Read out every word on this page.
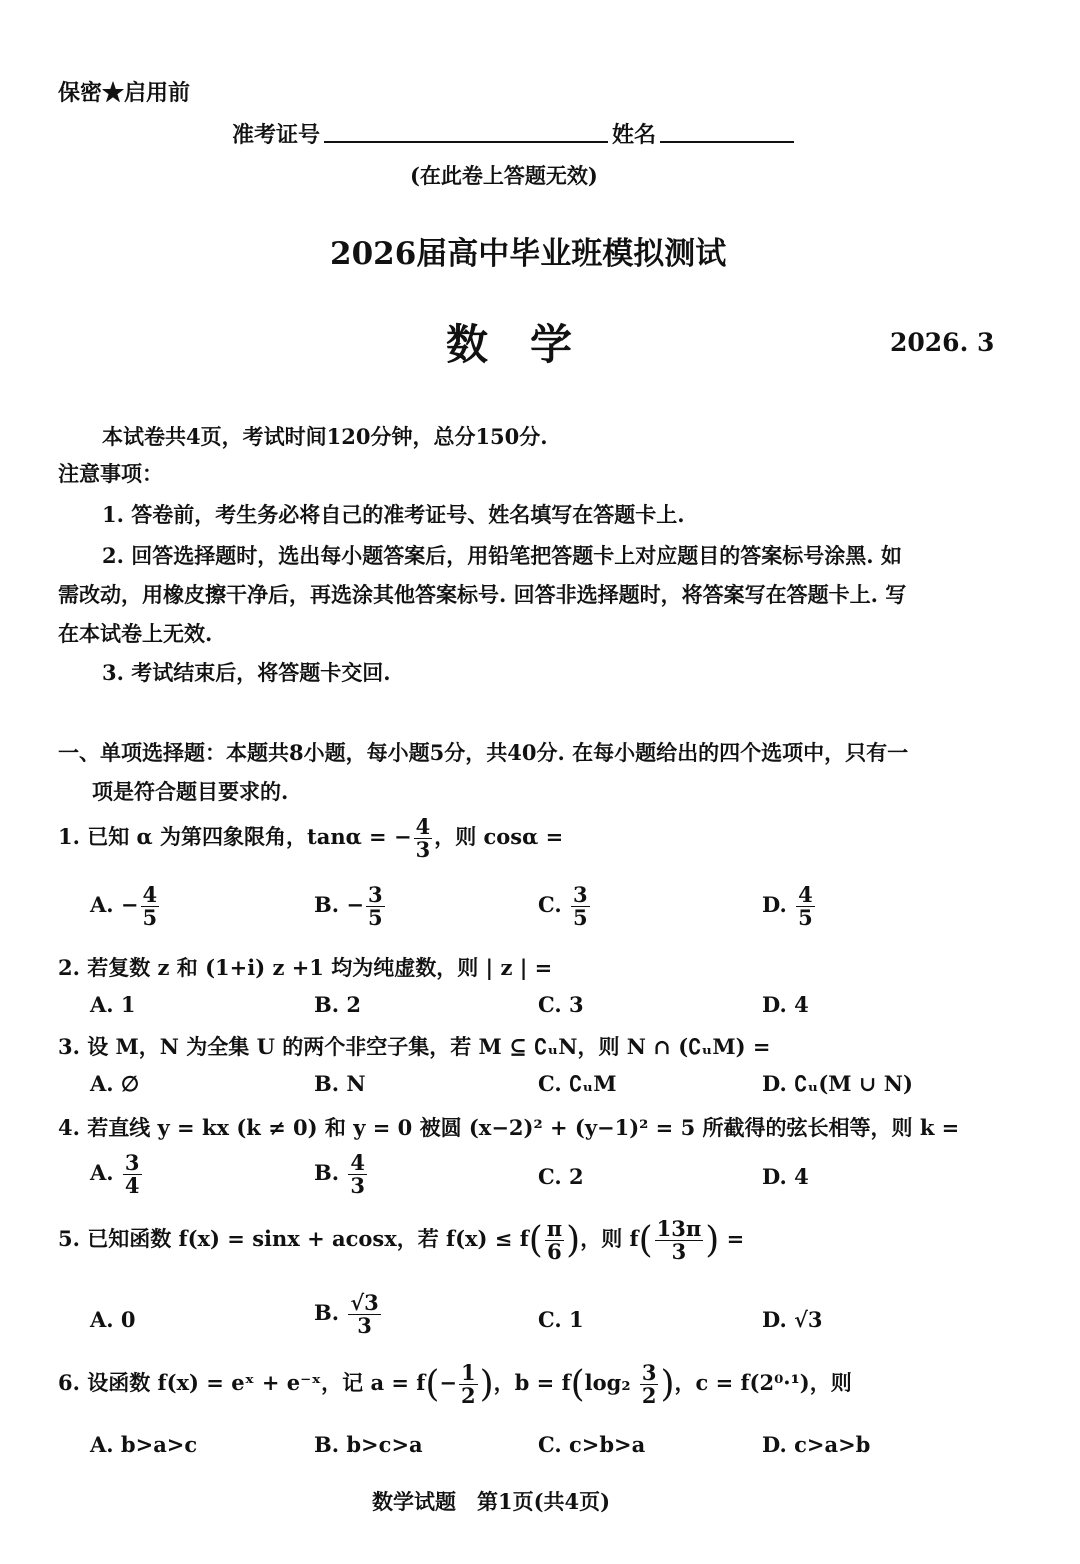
保密★启用前
准考证号	姓名
(在此卷上答题无效)
2026届高中毕业班模拟测试
数　学	2026. 3
本试卷共4页，考试时间120分钟，总分150分.
注意事项：
1. 答卷前，考生务必将自己的准考证号、姓名填写在答题卡上.
2. 回答选择题时，选出每小题答案后，用铅笔把答题卡上对应题目的答案标号涂黑. 如
需改动，用橡皮擦干净后，再选涂其他答案标号. 回答非选择题时，将答案写在答题卡上. 写
在本试卷上无效.
3. 考试结束后，将答题卡交回.
一、单项选择题：本题共8小题，每小题5分，共40分. 在每小题给出的四个选项中，只有一
项是符合题目要求的.
1. 已知 α 为第四象限角，tanα = − $\frac{4}{3}$ ，则 cosα =
A. − $\frac{4}{5}$	B. − $\frac{3}{5}$	C. $\frac{3}{5}$	D. $\frac{4}{5}$
2. 若复数 z 和 (1+i) z +1 均为纯虚数，则 | z | =
A. 1	B. 2	C. 3	D. 4
3. 设 M，N 为全集 U 的两个非空子集，若 M ⊆ ∁ᵤN，则 N ∩ (∁ᵤM) =
A. ∅	B. N	C. ∁ᵤM	D. ∁ᵤ(M ∪ N)
4. 若直线 y = kx (k ≠ 0) 和 y = 0 被圆 (x−2)² + (y−1)² = 5 所截得的弦长相等，则 k =
A. $\frac{3}{4}$	B. $\frac{4}{3}$	C. 2	D. 4
5. 已知函数 f(x) = sinx + acosx，若 $f(x) \le f( \frac{\pi}{6}$ )，则 $f( \frac{13\pi}{3}$ ) =
A. 0	B. $\frac{√3}{3}$	C. 1	D. √3
6. 设函数 f(x) = eˣ + e⁻ˣ，记 $a = f(- \frac{1}{2}$ )，$b = f(\log_2 \frac{3}{2}$ )，c = f(2⁰·¹)，则
A. b>a>c	B. b>c>a	C. c>b>a	D. c>a>b
数学试题　第1页(共4页)
